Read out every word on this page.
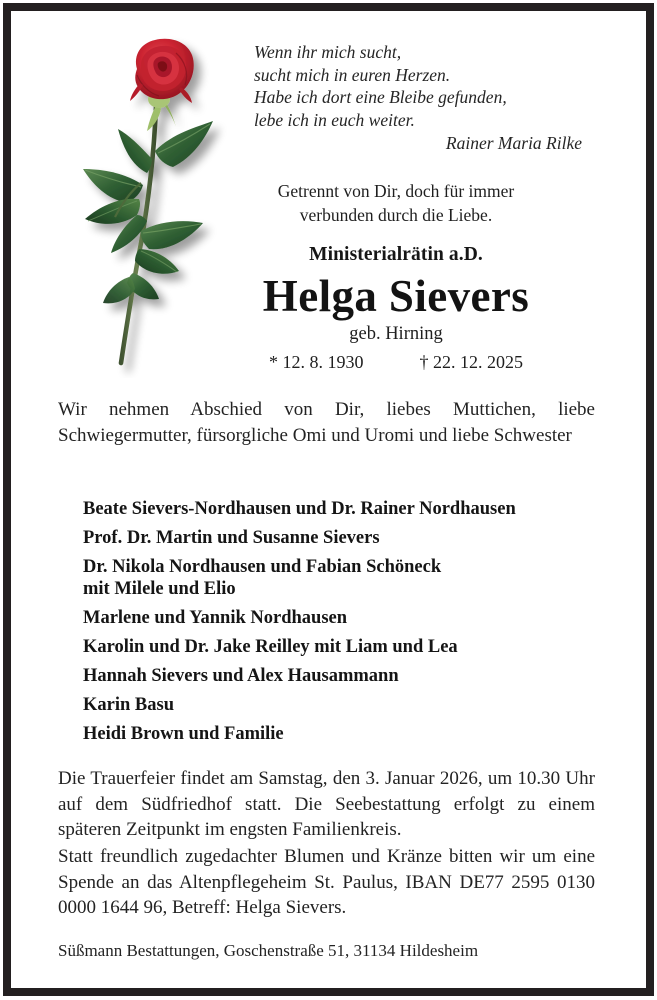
Wenn ihr mich sucht,
sucht mich in euren Herzen.
Habe ich dort eine Bleibe gefunden,
lebe ich in euch weiter.
Rainer Maria Rilke
Getrennt von Dir, doch für immer
verbunden durch die Liebe.
Ministerialrätin a.D.
Helga Sievers
geb. Hirning
* 12. 8. 1930	† 22. 12. 2025
Wir nehmen Abschied von Dir, liebes Muttichen, liebe Schwiegermutter, fürsorgliche Omi und Uromi und liebe Schwester
Beate Sievers-Nordhausen und Dr. Rainer Nordhausen
Prof. Dr. Martin und Susanne Sievers
Dr. Nikola Nordhausen und Fabian Schöneck
mit Milele und Elio
Marlene und Yannik Nordhausen
Karolin und Dr. Jake Reilley mit Liam und Lea
Hannah Sievers und Alex Hausammann
Karin Basu
Heidi Brown und Familie
Die Trauerfeier findet am Samstag, den 3. Januar 2026, um 10.30 Uhr auf dem Südfriedhof statt. Die Seebestattung erfolgt zu einem späteren Zeitpunkt im engsten Familienkreis.
Statt freundlich zugedachter Blumen und Kränze bitten wir um eine Spende an das Altenpflegeheim St. Paulus, IBAN DE77 2595 0130 0000 1644 96, Betreff: Helga Sievers.
Süßmann Bestattungen, Goschenstraße 51, 31134 Hildesheim
